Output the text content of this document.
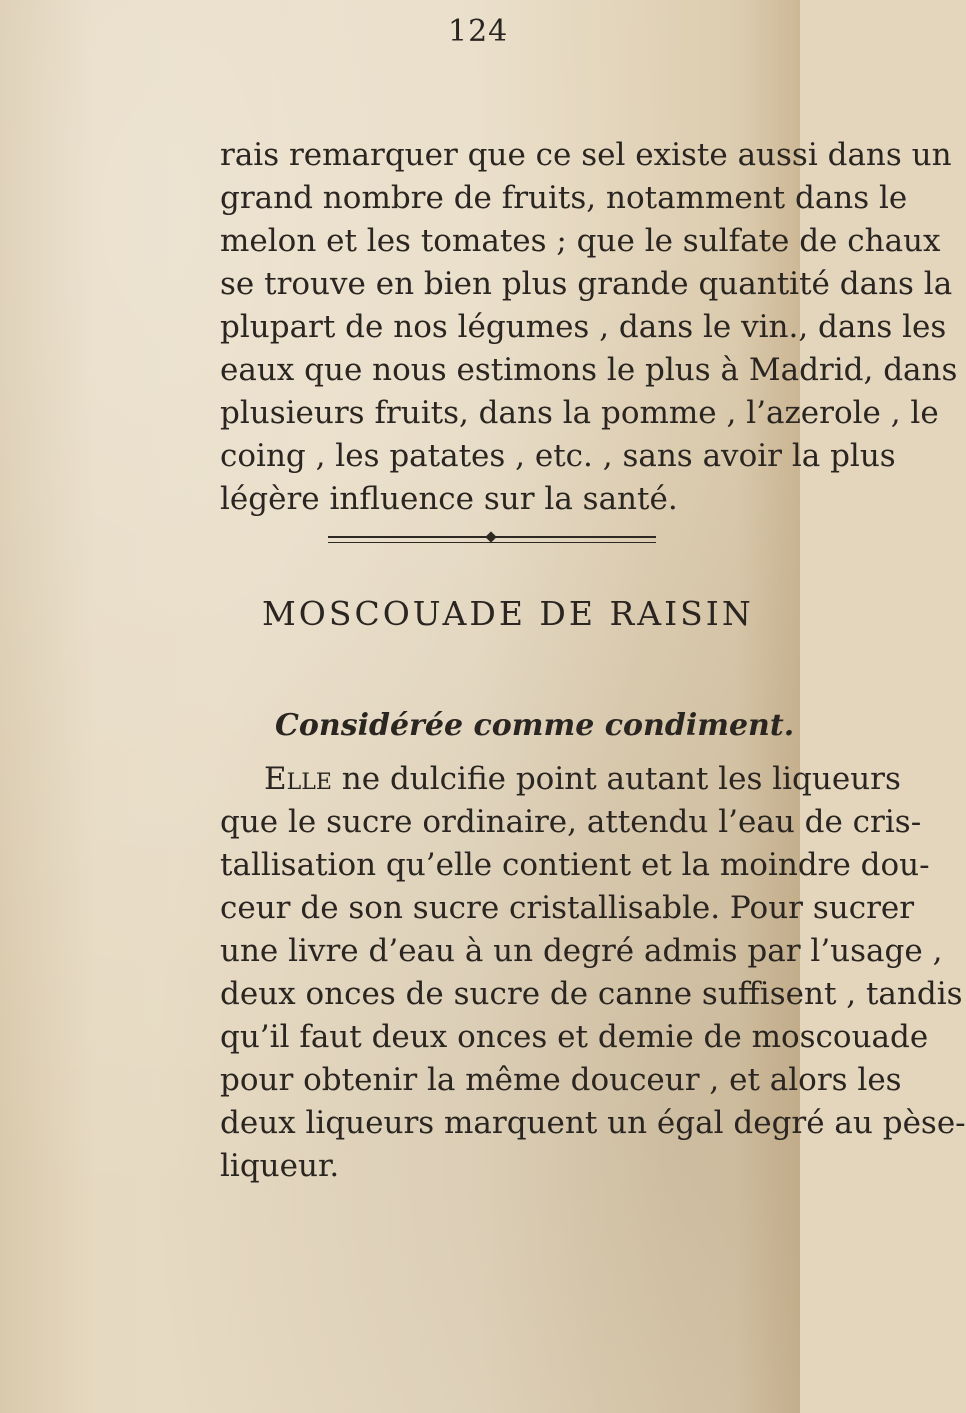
124

rais remarquer que ce sel existe aussi dans un
grand nombre de fruits, notamment dans le
melon et les tomates ; que le sulfate de chaux
se trouve en bien plus grande quantité dans la
plupart de nos légumes , dans le vin., dans les
eaux que nous estimons le plus à Madrid, dans
plusieurs fruits, dans la pomme , l’azerole , le
coing , les patates , etc. , sans avoir la plus
légère influence sur la santé.

MOSCOUADE DE RAISIN
Considérée comme condiment.

Elle ne dulcifie point autant les liqueurs
que le sucre ordinaire, attendu l’eau de cris-
tallisation qu’elle contient et la moindre dou-
ceur de son sucre cristallisable. Pour sucrer
une livre d’eau à un degré admis par l’usage ,
deux onces de sucre de canne suffisent , tandis
qu’il faut deux onces et demie de moscouade
pour obtenir la même douceur , et alors les
deux liqueurs marquent un égal degré au pèse-
liqueur.
